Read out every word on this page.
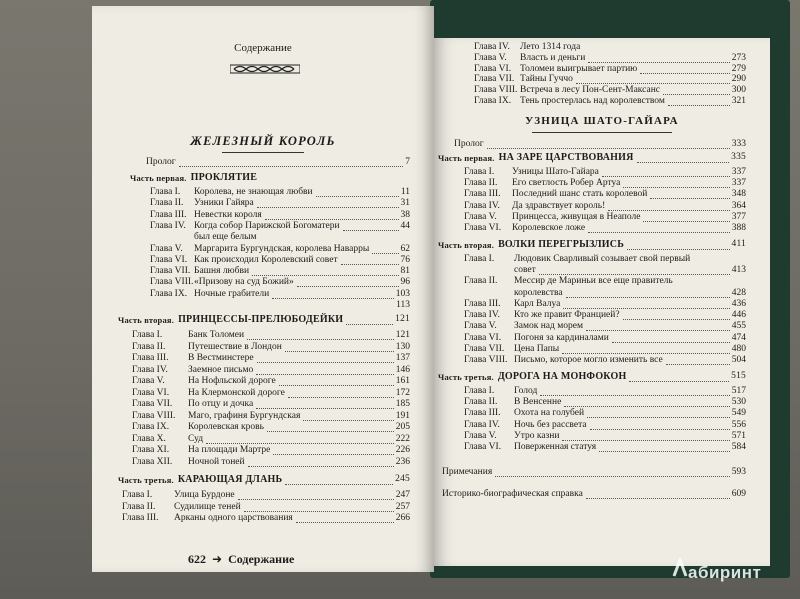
Содержание
ЖЕЛЕЗНЫЙ КОРОЛЬ
Пролог	7
Часть первая. ПРОКЛЯТИЕ
Глава I. Королева, не знающая любви	11
Глава II. Узники Гайяра	31
Глава III. Невестки короля	38
Глава IV. Когда собор Парижской Богоматери	44
был еще белым
Глава V. Маргарита Бургундская, королева Наварры	62
Глава VI. Как происходил Королевский совет	76
Глава VII. Башня любви	81
Глава VIII. «Призову на суд Божий»	96
Глава IX. Ночные грабители	103
113
Часть вторая. ПРИНЦЕССЫ-ПРЕЛЮБОДЕЙКИ	121
Глава I.	Банк Толомеи	121
Глава II. Путешествие в Лондон	130
Глава III. В Вестминстере	137
Глава IV. Заемное письмо	146
Глава V. На Нофльской дороге	161
Глава VI. На Клермонской дороге	172
Глава VII. По отцу и дочка	185
Глава VIII. Маго, графиня Бургундская	191
Глава IX. Королевская кровь	205
Глава X. Суд	222
Глава XI. На площади Мартре	226
Глава XII. Ночной тоней	236
Часть третья. КАРАЮЩАЯ ДЛАНЬ	245
Глава I. Улица Бурдоне	247
Глава II. Судилище теней	257
Глава III. Арканы одного царствования	266
622  ➜  Содержание
Глава IV. Лето 1314 года
Глава V. Власть и деньги	273
Глава VI. Толомеи выигрывает партию	279
Глава VII. Тайны Гуччо	290
Глава VIII. Встреча в лесу Пон-Сент-Максанс	300
Глава IX. Тень простерлась над королевством	321
УЗНИЦА ШАТО-ГАЙАРА
Пролог	333
Часть первая. НА ЗАРЕ ЦАРСТВОВАНИЯ	335
Глава I. Узницы Шато-Гайара	337
Глава II. Его светлость Робер Артуа	337
Глава III. Последний шанс стать королевой	348
Глава IV. Да здравствует король!	364
Глава V. Принцесса, живущая в Неаполе	377
Глава VI. Королевское ложе	388
Часть вторая. ВОЛКИ ПЕРЕГРЫЗЛИСЬ	411
Глава I. Людовик Сварливый созывает свой первый
совет	413
Глава II. Мессир де Мариньи все еще правитель
королевства	428
Глава III. Карл Валуа	436
Глава IV. Кто же правит Францией?	446
Глава V. Замок над морем	455
Глава VI. Погоня за кардиналами	474
Глава VII. Цена Папы	480
Глава VIII. Письмо, которое могло изменить все	504
Часть третья. ДОРОГА НА МОНФОКОН	515
Глава I. Голод	517
Глава II. В Венсенне	530
Глава III. Охота на голубей	549
Глава IV. Ночь без рассвета	556
Глава V. Утро казни	571
Глава VI. Поверженная статуя	584
Примечания	593
Историко-биографическая справка	609
абиринт
